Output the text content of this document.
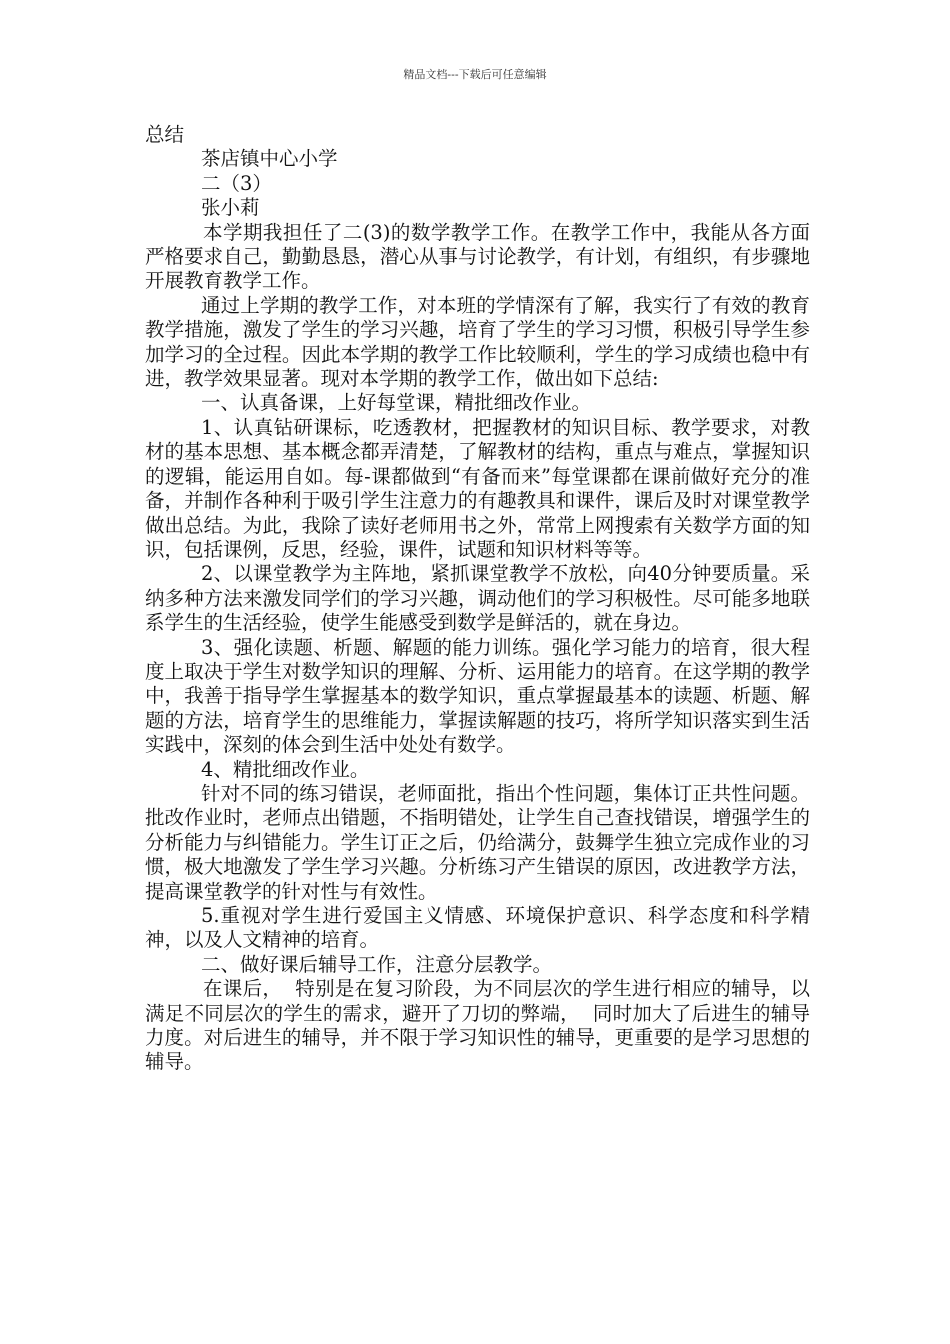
精品文档---下载后可任意编辑

总结

茶店镇中心小学

二（3）

张小莉

本学期我担任了二(3)的数学教学工作。在教学工作中，我能从各方面严格要求自己，勤勤恳恳，潜心从事与讨论教学，有计划，有组织，有步骤地开展教育教学工作。

通过上学期的教学工作，对本班的学情深有了解，我实行了有效的教育教学措施，激发了学生的学习兴趣，培育了学生的学习习惯，积极引导学生参加学习的全过程。因此本学期的教学工作比较顺利，学生的学习成绩也稳中有进，教学效果显著。现对本学期的教学工作，做出如下总结:

一、认真备课，上好每堂课，精批细改作业。

1、认真钻研课标，吃透教材，把握教材的知识目标、教学要求，对教材的基本思想、基本概念都弄清楚，了解教材的结构，重点与难点，掌握知识的逻辑，能运用自如。每-课都做到“有备而来”每堂课都在课前做好充分的准备，并制作各种利于吸引学生注意力的有趣教具和课件，课后及时对课堂教学做出总结。为此，我除了读好老师用书之外，常常上网搜索有关数学方面的知识，包括课例，反思，经验，课件，试题和知识材料等等。

2、以课堂教学为主阵地，紧抓课堂教学不放松，向40分钟要质量。采纳多种方法来激发同学们的学习兴趣，调动他们的学习积极性。尽可能多地联系学生的生活经验，使学生能感受到数学是鲜活的，就在身边。

3、强化读题、析题、解题的能力训练。强化学习能力的培育，很大程度上取决于学生对数学知识的理解、分析、运用能力的培育。在这学期的教学中，我善于指导学生掌握基本的数学知识，重点掌握最基本的读题、析题、解题的方法，培育学生的思维能力，掌握读解题的技巧，将所学知识落实到生活实践中，深刻的体会到生活中处处有数学。

4、精批细改作业。

针对不同的练习错误，老师面批，指出个性问题，集体订正共性问题。批改作业时，老师点出错题，不指明错处，让学生自己查找错误，增强学生的分析能力与纠错能力。学生订正之后，仍给满分，鼓舞学生独立完成作业的习惯，极大地激发了学生学习兴趣。分析练习产生错误的原因，改进教学方法，提高课堂教学的针对性与有效性。

5.重视对学生进行爱国主义情感、环境保护意识、科学态度和科学精神，以及人文精神的培育。

二、做好课后辅导工作，注意分层教学。

在课后，  特别是在复习阶段，为不同层次的学生进行相应的辅导，以满足不同层次的学生的需求，避开了刀切的弊端，  同时加大了后进生的辅导力度。对后进生的辅导，并不限于学习知识性的辅导，更重要的是学习思想的辅导。
